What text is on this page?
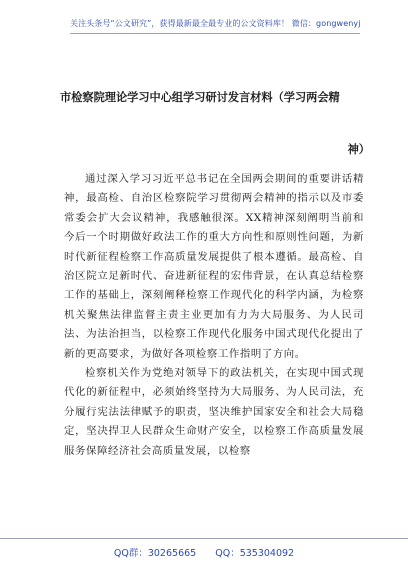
关注头条号“公文研究”，获得最新最全最专业的公文资料库！ 微信：gongwenyj
市检察院理论学习中心组学习研讨发言材料（学习两会精
神）

通过深入学习习近平总书记在全国两会期间的重要讲话精神，最高检、自治区检察院学习贯彻两会精神的指示以及市委常委会扩大会议精神，我感触很深。XX精神深刻阐明当前和今后一个时期做好政法工作的重大方向性和原则性问题，为新时代新征程检察工作高质量发展提供了根本遵循。最高检、自治区院立足新时代、奋进新征程的宏伟背景，在认真总结检察工作的基础上，深刻阐释检察工作现代化的科学内涵，为检察机关聚焦法律监督主责主业更加有力为大局服务、为人民司法、为法治担当，以检察工作现代化服务中国式现代化提出了新的更高要求，为做好各项检察工作指明了方向。

检察机关作为党绝对领导下的政法机关，在实现中国式现代化的新征程中，必须始终坚持为大局服务、为人民司法，充分履行宪法法律赋予的职责，坚决维护国家安全和社会大局稳定，坚决捍卫人民群众生命财产安全，以检察工作高质量发展服务保障经济社会高质量发展，以检察

QQ群：30265665 QQ：535304092
